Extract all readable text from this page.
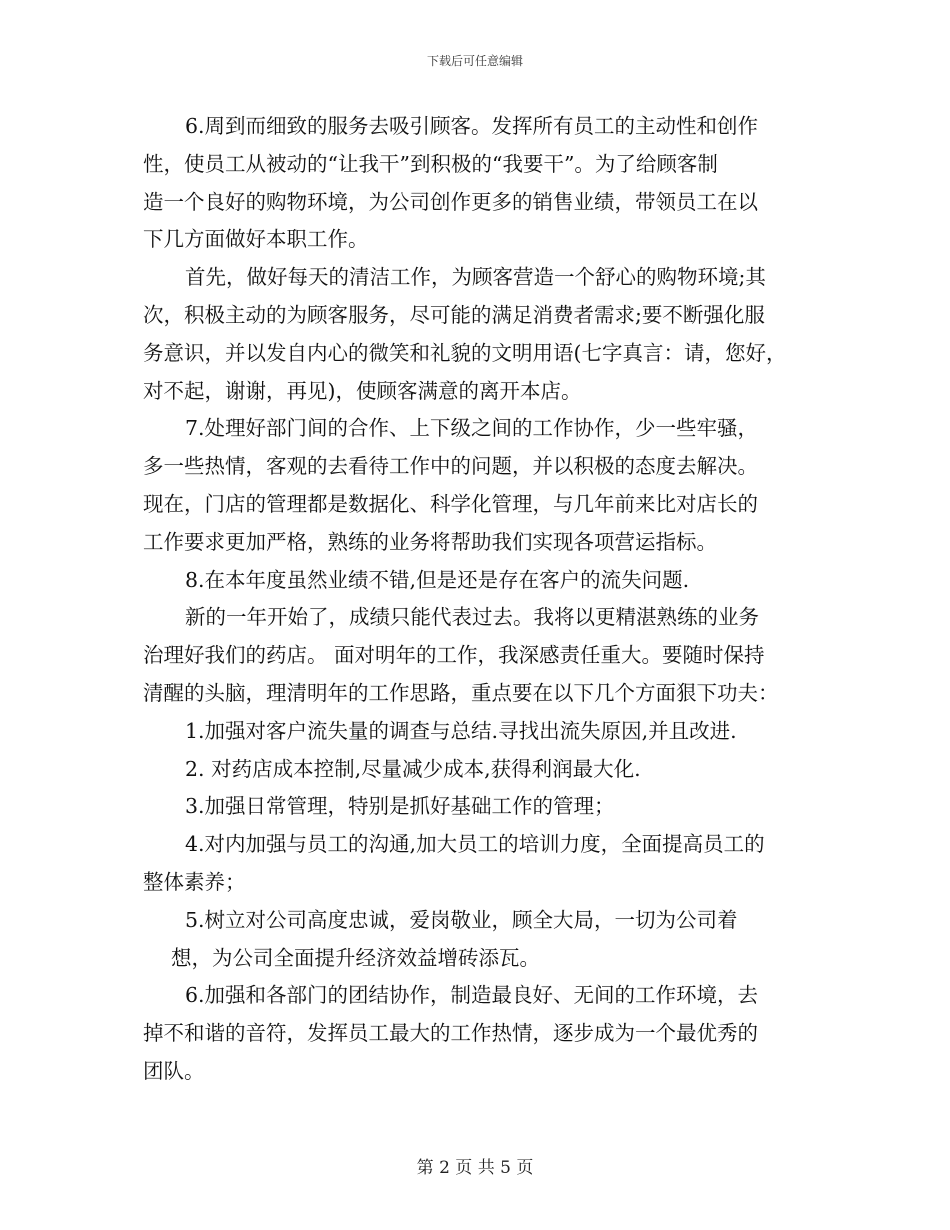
下载后可任意编辑
6.周到而细致的服务去吸引顾客。发挥所有员工的主动性和创作
性，使员工从被动的“让我干”到积极的“我要干”。为了给顾客制
造一个良好的购物环境，为公司创作更多的销售业绩，带领员工在以
下几方面做好本职工作。
首先，做好每天的清洁工作，为顾客营造一个舒心的购物环境;其
次，积极主动的为顾客服务，尽可能的满足消费者需求;要不断强化服
务意识，并以发自内心的微笑和礼貌的文明用语(七字真言：请，您好，
对不起，谢谢，再见)，使顾客满意的离开本店。
7.处理好部门间的合作、上下级之间的工作协作，少一些牢骚，
多一些热情，客观的去看待工作中的问题，并以积极的态度去解决。
现在，门店的管理都是数据化、科学化管理，与几年前来比对店长的
工作要求更加严格，熟练的业务将帮助我们实现各项营运指标。
8.在本年度虽然业绩不错,但是还是存在客户的流失问题.
新的一年开始了，成绩只能代表过去。我将以更精湛熟练的业务
治理好我们的药店。 面对明年的工作，我深感责任重大。要随时保持
清醒的头脑，理清明年的工作思路，重点要在以下几个方面狠下功夫：
1.加强对客户流失量的调查与总结.寻找出流失原因,并且改进.
2. 对药店成本控制,尽量减少成本,获得利润最大化.
3.加强日常管理，特别是抓好基础工作的管理；
4.对内加强与员工的沟通,加大员工的培训力度，全面提高员工的
整体素养；
5.树立对公司高度忠诚，爱岗敬业，顾全大局，一切为公司着
想，为公司全面提升经济效益增砖添瓦。
6.加强和各部门的团结协作，制造最良好、无间的工作环境，去
掉不和谐的音符，发挥员工最大的工作热情，逐步成为一个最优秀的
团队。
第 2 页 共 5 页
